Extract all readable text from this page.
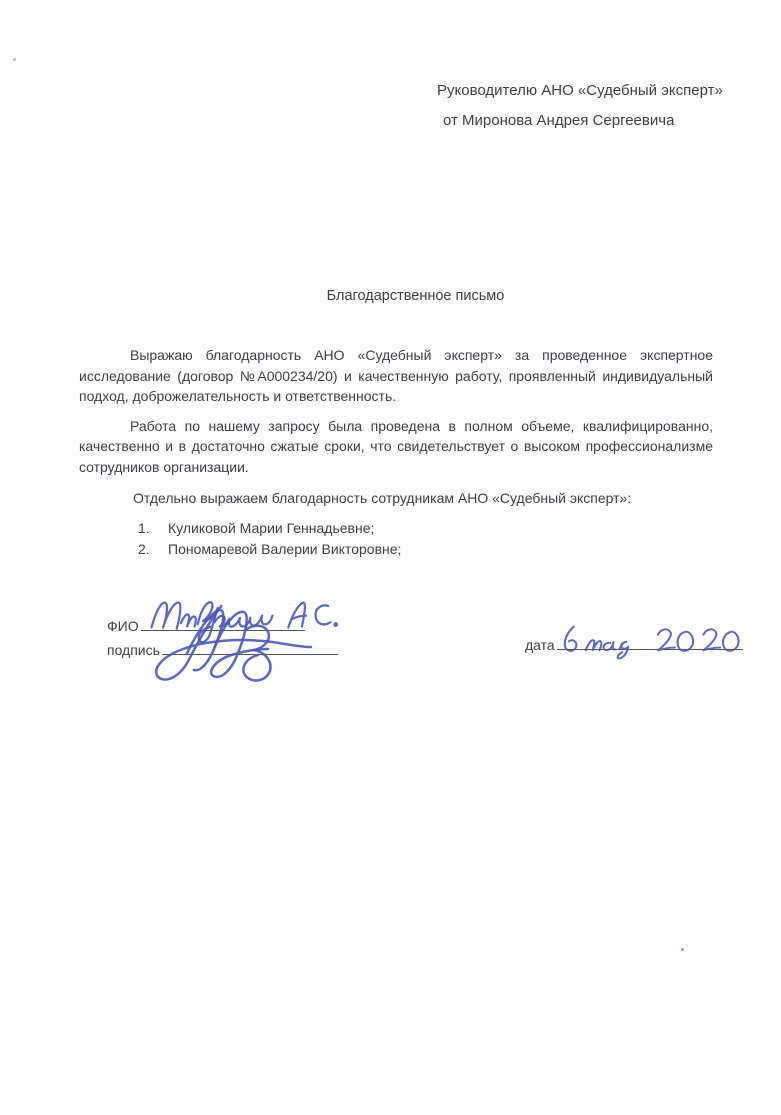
Руководителю АНО «Судебный эксперт»
от Миронова Андрея Сергеевича
Благодарственное письмо

Выражаю благодарность АНО «Судебный эксперт» за проведенное экспертное исследование (договор №А000234/20) и качественную работу, проявленный индивидуальный подход, доброжелательность и ответственность.

Работа по нашему запросу была проведена в полном объеме, квалифицированно, качественно и в достаточно сжатые сроки, что свидетельствует о высоком профессионализме сотрудников организации.

Отдельно выражаем благодарность сотрудникам АНО «Судебный эксперт»:

1.	Куликовой Марии Геннадьевне;
2.	Пономаревой Валерии Викторовне;
ФИО
подпись	дата
